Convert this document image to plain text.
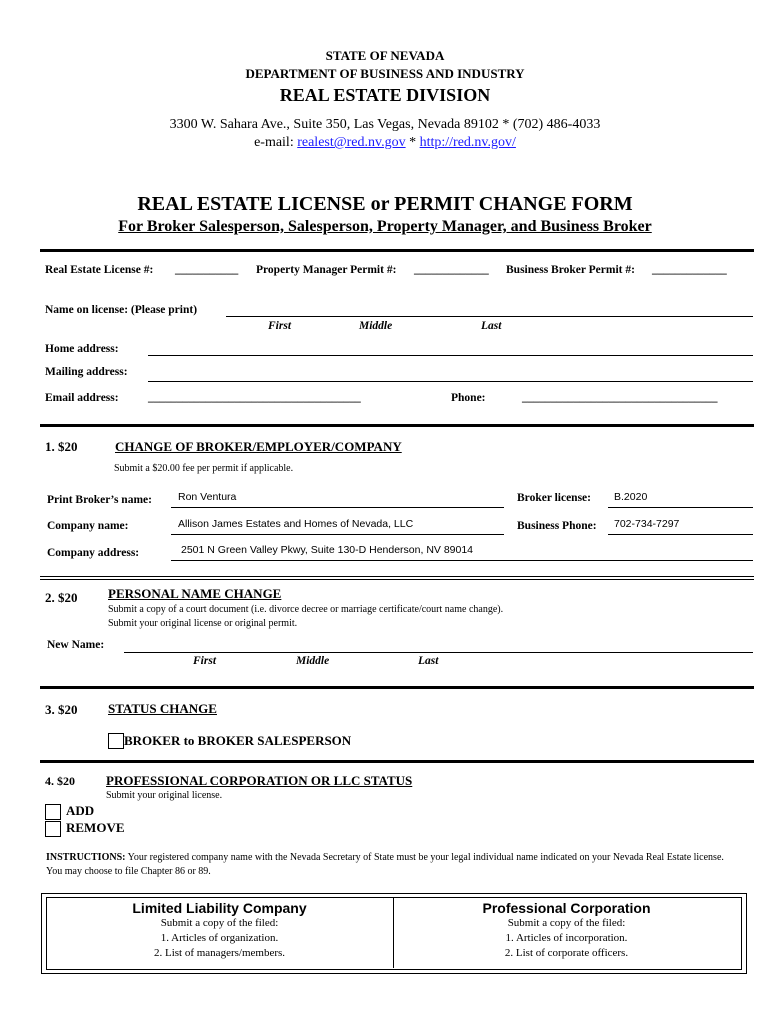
STATE OF NEVADA
DEPARTMENT OF BUSINESS AND INDUSTRY
REAL ESTATE DIVISION
3300 W. Sahara Ave., Suite 350, Las Vegas, Nevada 89102 * (702) 486-4033
e-mail: realest@red.nv.gov * http://red.nv.gov/
REAL ESTATE LICENSE or PERMIT CHANGE FORM
For Broker Salesperson, Salesperson, Property Manager, and Business Broker
Real Estate License #: ___________ Property Manager Permit #: _____________ Business Broker Permit #: _____________
Name on license: (Please print)
First	Middle	Last
Home address:
Mailing address:
Email address:	_____________________________________	Phone:	__________________________________
1. $20	CHANGE OF BROKER/EMPLOYER/COMPANY
Submit a $20.00 fee per permit if applicable.
Print Broker’s name: Ron Ventura	Broker license: B.2020
Company name:	Allison James Estates and Homes of Nevada, LLC	Business Phone: 702-734-7297
Company address:	2501 N Green Valley Pkwy, Suite 130-D Henderson, NV 89014
2. $20 PERSONAL NAME CHANGE
Submit a copy of a court document (i.e. divorce decree or marriage certificate/court name change).
Submit your original license or original permit.
New Name:
First	Middle	Last
3. $20 STATUS CHANGE
BROKER to BROKER SALESPERSON
4. $20 PROFESSIONAL CORPORATION OR LLC STATUS
Submit your original license.
ADD
REMOVE
INSTRUCTIONS: Your registered company name with the Nevada Secretary of State must be your legal individual name indicated on your Nevada Real Estate license. You may choose to file Chapter 86 or 89.
Limited Liability Company
Submit a copy of the filed:
1. Articles of organization.
2. List of managers/members.
Professional Corporation
Submit a copy of the filed:
1. Articles of incorporation.
2. List of corporate officers.
